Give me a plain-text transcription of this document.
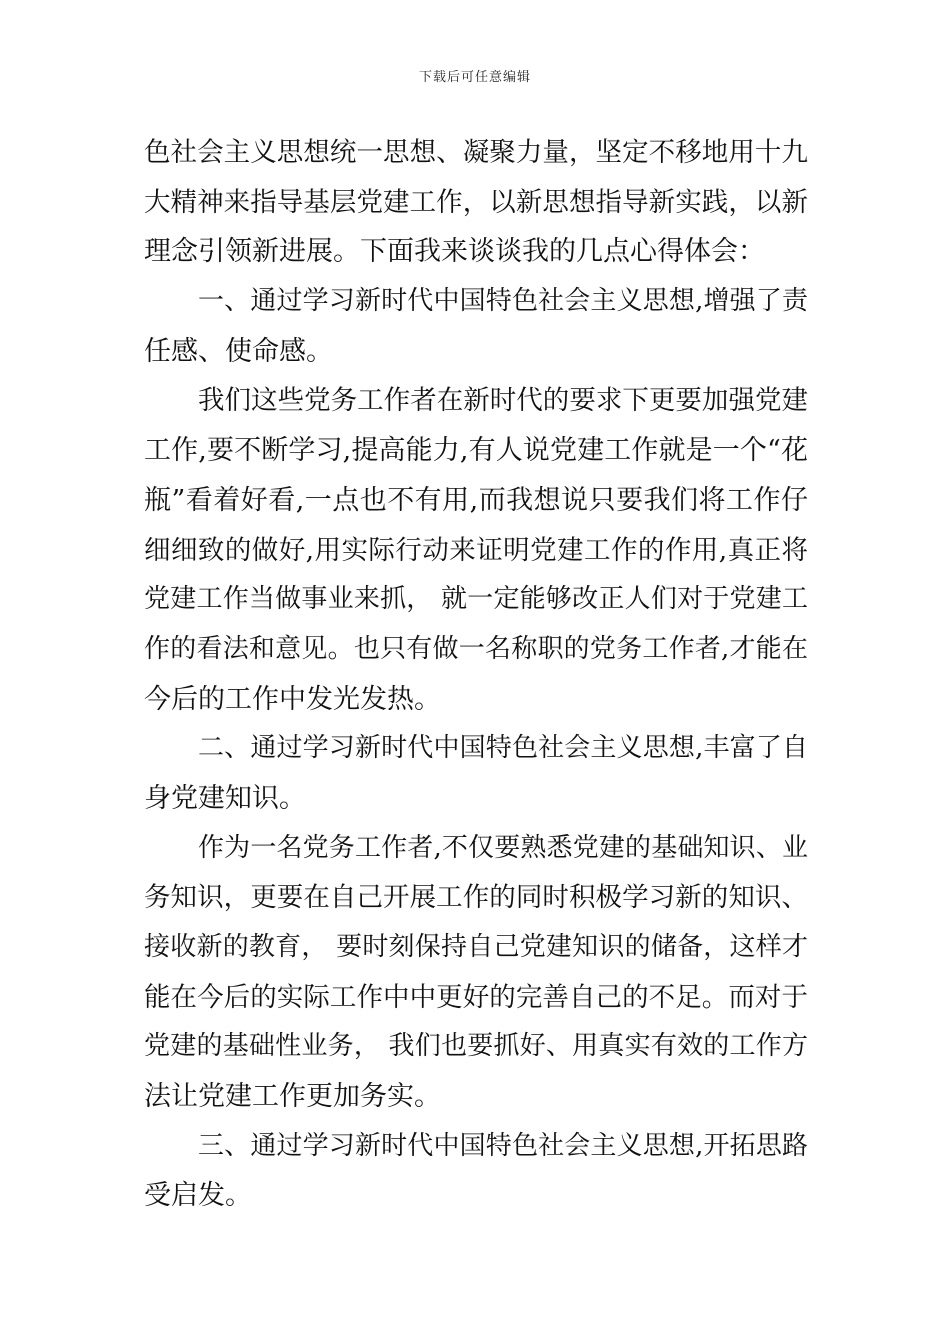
下载后可任意编辑
色社会主义思想统一思想、凝聚力量，坚定不移地用十九
大精神来指导基层党建工作，以新思想指导新实践，以新
理念引领新进展。下面我来谈谈我的几点心得体会：
一、通过学习新时代中国特色社会主义思想,增强了责
任感、使命感。
我们这些党务工作者在新时代的要求下更要加强党建
工作,要不断学习,提高能力,有人说党建工作就是一个“花
瓶”看着好看,一点也不有用,而我想说只要我们将工作仔
细细致的做好,用实际行动来证明党建工作的作用,真正将
党建工作当做事业来抓， 就一定能够改正人们对于党建工
作的看法和意见。也只有做一名称职的党务工作者,才能在
今后的工作中发光发热。
二、通过学习新时代中国特色社会主义思想,丰富了自
身党建知识。
作为一名党务工作者,不仅要熟悉党建的基础知识、业
务知识，更要在自己开展工作的同时积极学习新的知识、
接收新的教育， 要时刻保持自己党建知识的储备，这样才
能在今后的实际工作中中更好的完善自己的不足。而对于
党建的基础性业务， 我们也要抓好、用真实有效的工作方
法让党建工作更加务实。
三、通过学习新时代中国特色社会主义思想,开拓思路
受启发。
